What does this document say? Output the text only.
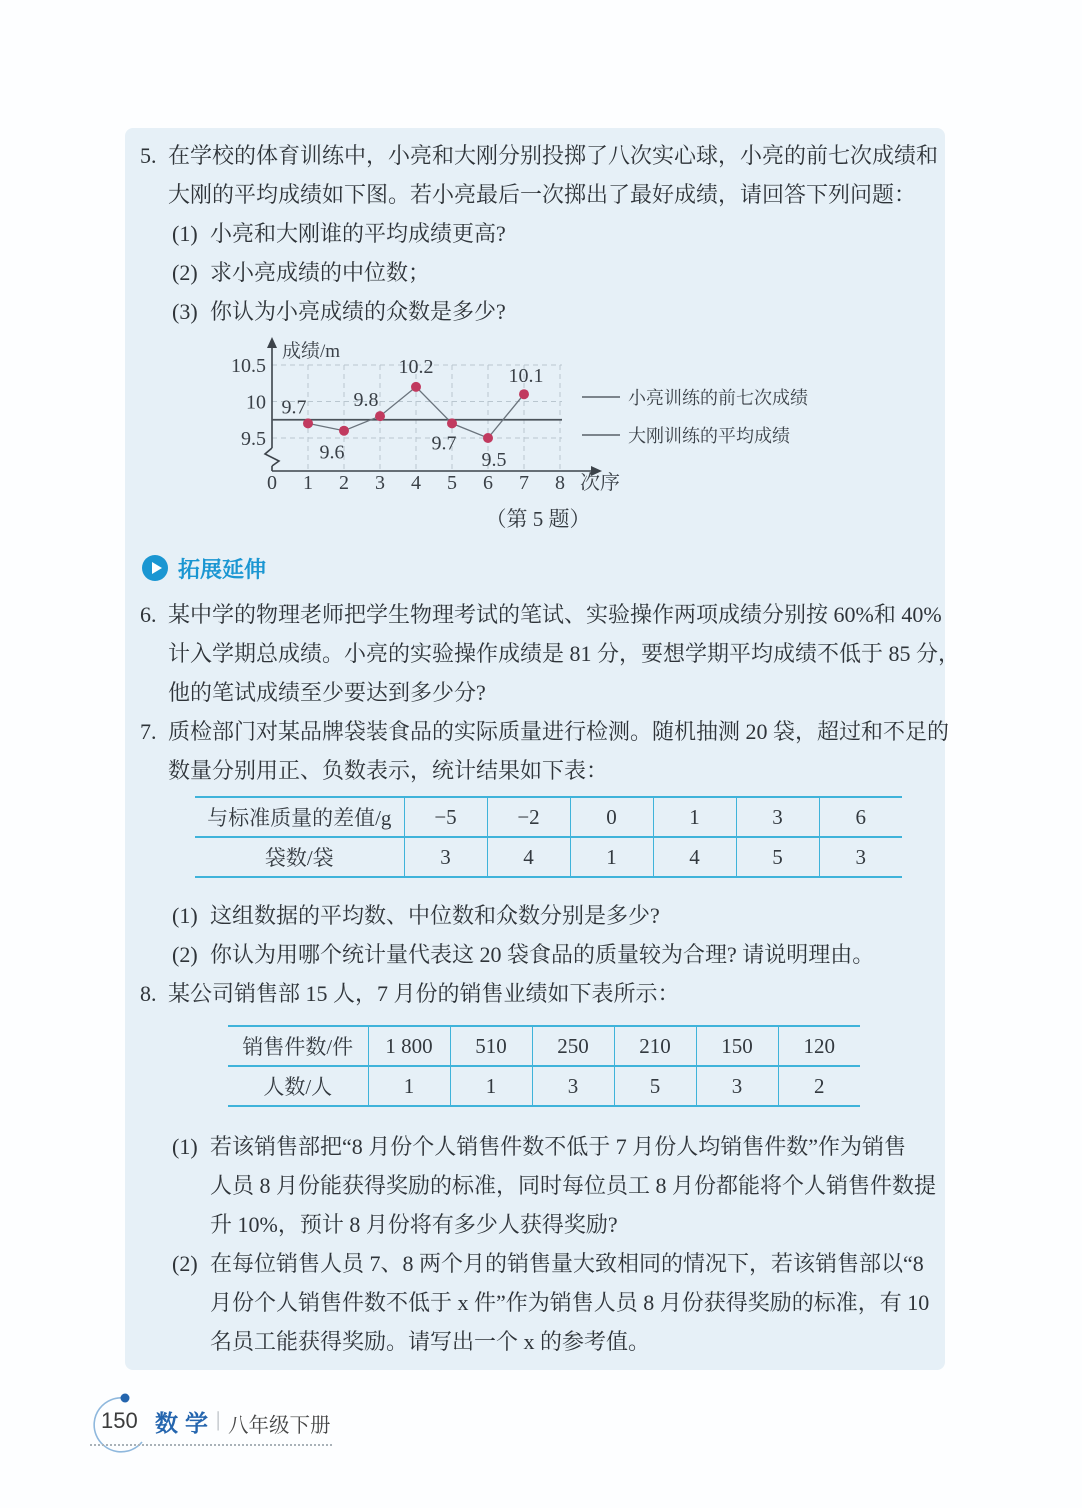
5. 在学校的体育训练中，小亮和大刚分别投掷了八次实心球，小亮的前七次成绩和
大刚的平均成绩如下图。若小亮最后一次掷出了最好成绩，请回答下列问题：
(1) 小亮和大刚谁的平均成绩更高?
(2) 求小亮成绩的中位数；
(3) 你认为小亮成绩的众数是多少?
9.5
10
10.5
0 1 2 3 4 5 6 7 8
成绩/m
次序
9.7
9.6
9.8
10.2
9.7
9.5
10.1
小亮训练的前七次成绩
大刚训练的平均成绩
（第 5 题）
拓展延伸
6. 某中学的物理老师把学生物理考试的笔试、实验操作两项成绩分别按 60%和 40%
计入学期总成绩。小亮的实验操作成绩是 81 分，要想学期平均成绩不低于 85 分，
他的笔试成绩至少要达到多少分?
7. 质检部门对某品牌袋装食品的实际质量进行检测。随机抽测 20 袋，超过和不足的
数量分别用正、负数表示，统计结果如下表：
与标准质量的差值/g	−5	−2	0	1	3	6
袋数/袋	3	4	1	4	5	3
(1) 这组数据的平均数、中位数和众数分别是多少?
(2) 你认为用哪个统计量代表这 20 袋食品的质量较为合理? 请说明理由。
8. 某公司销售部 15 人，7 月份的销售业绩如下表所示：
销售件数/件	1 800	510	250	210	150	120
人数/人	1	1	3	5	3	2
(1) 若该销售部把“8 月份个人销售件数不低于 7 月份人均销售件数”作为销售
人员 8 月份能获得奖励的标准，同时每位员工 8 月份都能将个人销售件数提
升 10%，预计 8 月份将有多少人获得奖励?
(2) 在每位销售人员 7、8 两个月的销售量大致相同的情况下，若该销售部以“8
月份个人销售件数不低于 x 件”作为销售人员 8 月份获得奖励的标准，有 10
名员工能获得奖励。请写出一个 x 的参考值。
150 数学 | 八年级下册
